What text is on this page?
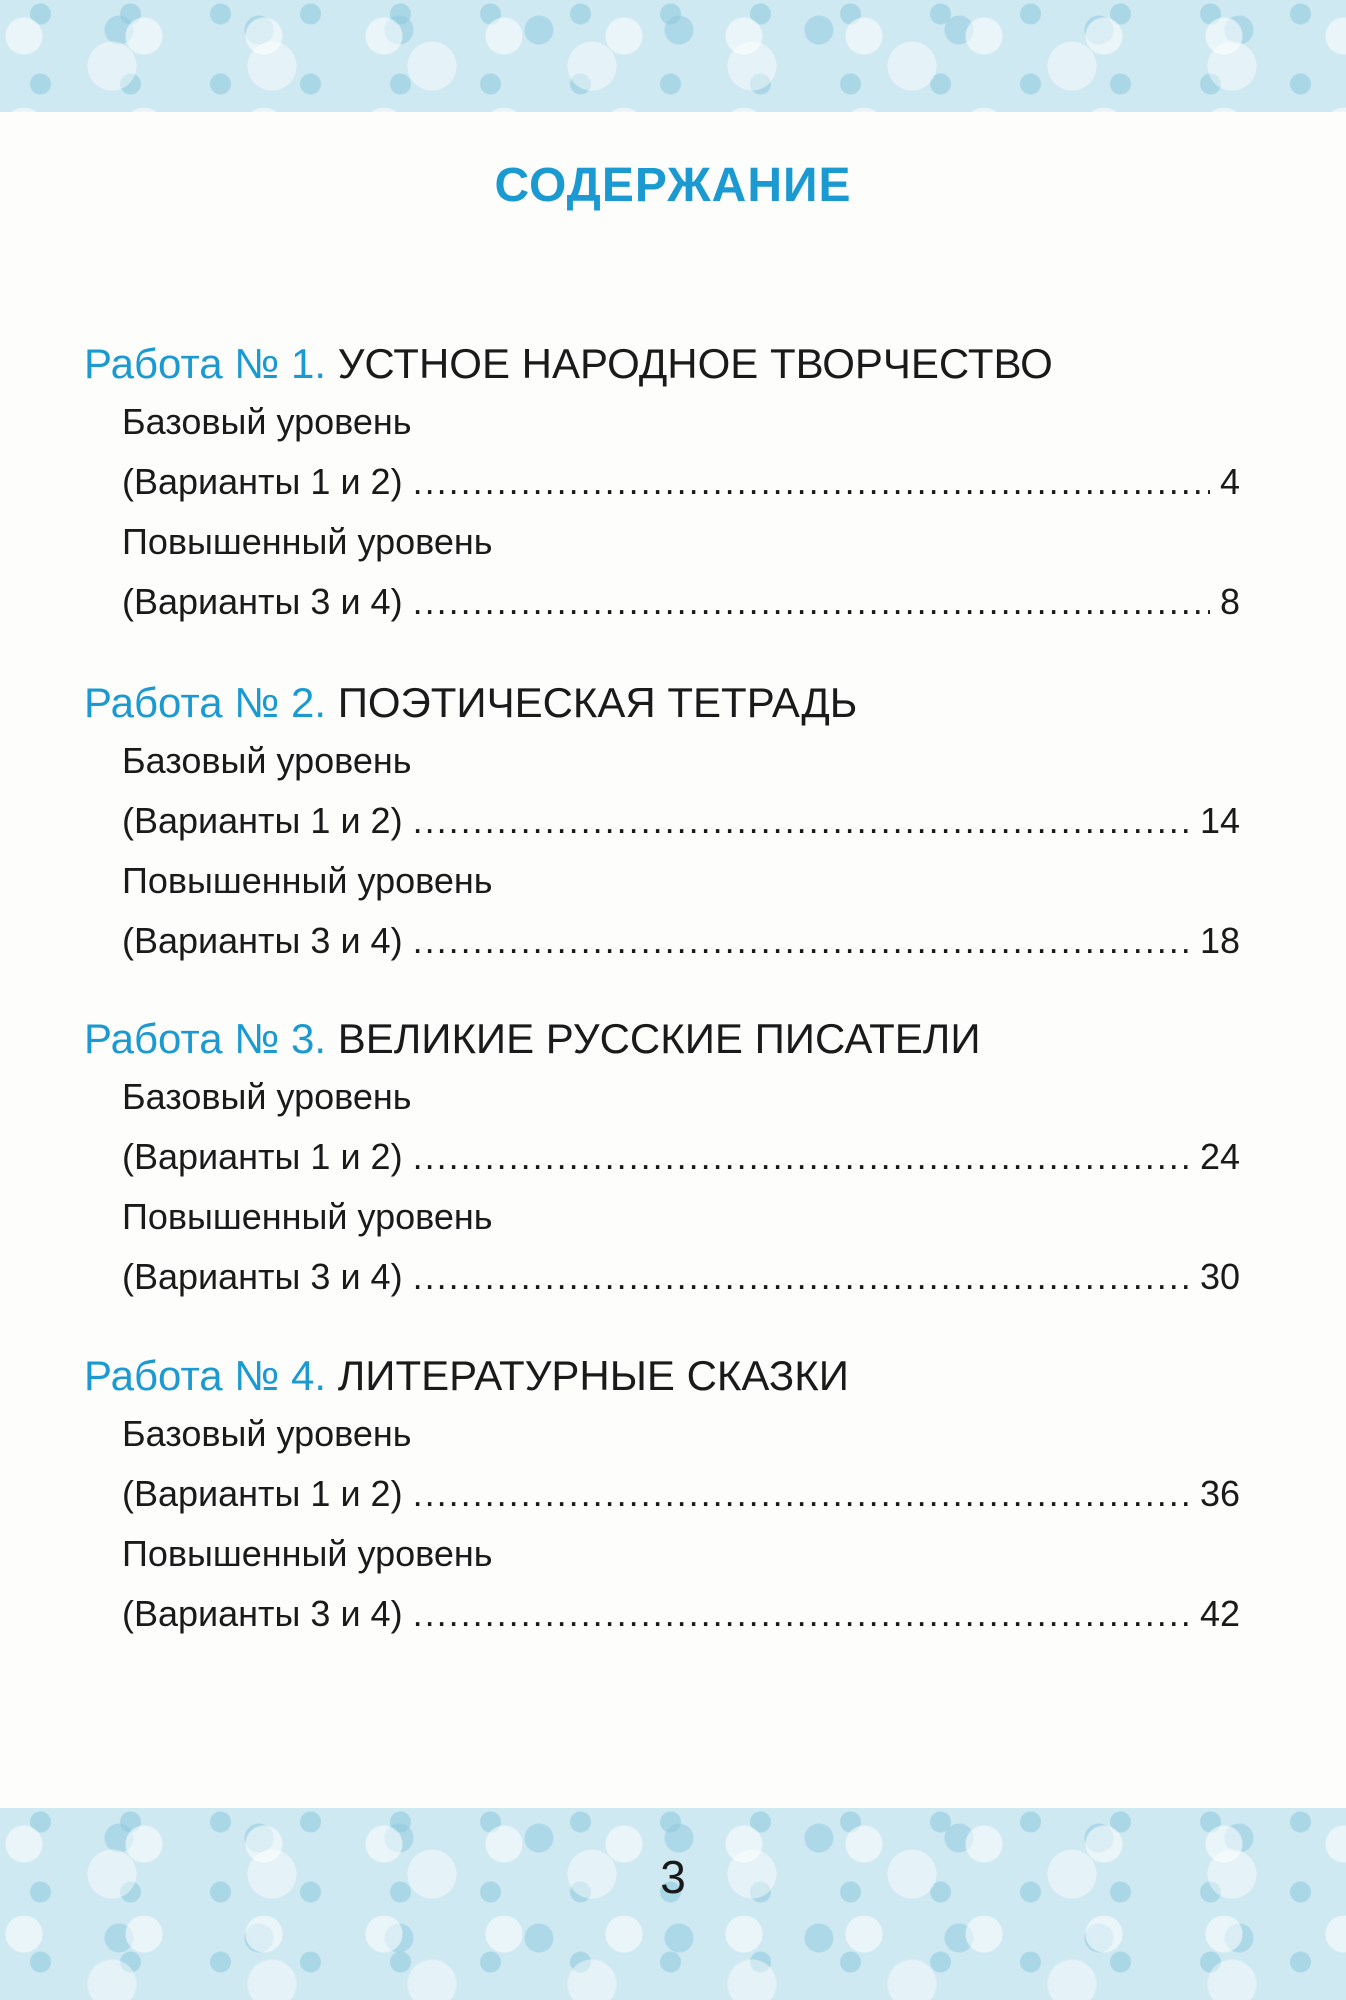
СОДЕРЖАНИЕ
Работа № 1. УСТНОЕ НАРОДНОЕ ТВОРЧЕСТВО
Базовый уровень
(Варианты 1 и 2) .....	4
Повышенный уровень
(Варианты 3 и 4) .....	8
Работа № 2. ПОЭТИЧЕСКАЯ ТЕТРАДЬ
Базовый уровень
(Варианты 1 и 2) .....	14
Повышенный уровень
(Варианты 3 и 4) .....	18
Работа № 3. ВЕЛИКИЕ РУССКИЕ ПИСАТЕЛИ
Базовый уровень
(Варианты 1 и 2) .....	24
Повышенный уровень
(Варианты 3 и 4) .....	30
Работа № 4. ЛИТЕРАТУРНЫЕ СКАЗКИ
Базовый уровень
(Варианты 1 и 2) .....	36
Повышенный уровень
(Варианты 3 и 4) .....	42
3
